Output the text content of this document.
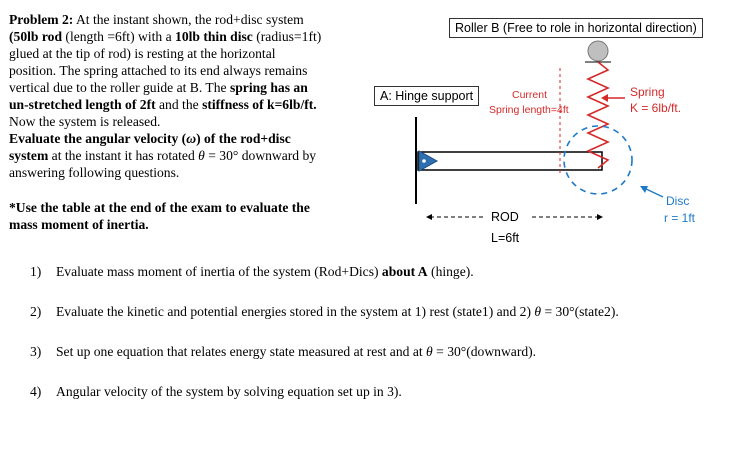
Problem 2: At the instant shown, the rod+disc system

(50lb rod (length =6ft) with a 10lb thin disc (radius=1ft)

glued at the tip of rod) is resting at the horizontal

position. The spring attached to its end always remains

vertical due to the roller guide at B. The spring has an

un-stretched length of 2ft and the stiffness of k=6lb/ft.

Now the system is released.

Evaluate the angular velocity (ω) of the rod+disc

system at the instant it has rotated θ = 30° downward by

answering following questions.

*Use the table at the end of the exam to evaluate the
mass moment of inertia.
Roller B (Free to role in horizontal direction)
A: Hinge support	Current
Spring length=4ft
Spring
K = 6lb/ft.
Disc
r = 1ft
ROD
L=6ft
1) Evaluate mass moment of inertia of the system (Rod+Dics) about A (hinge).
2) Evaluate the kinetic and potential energies stored in the system at 1) rest (state1) and 2) θ = 30°(state2).
3) Set up one equation that relates energy state measured at rest and at θ = 30°(downward).
4) Angular velocity of the system by solving equation set up in 3).
